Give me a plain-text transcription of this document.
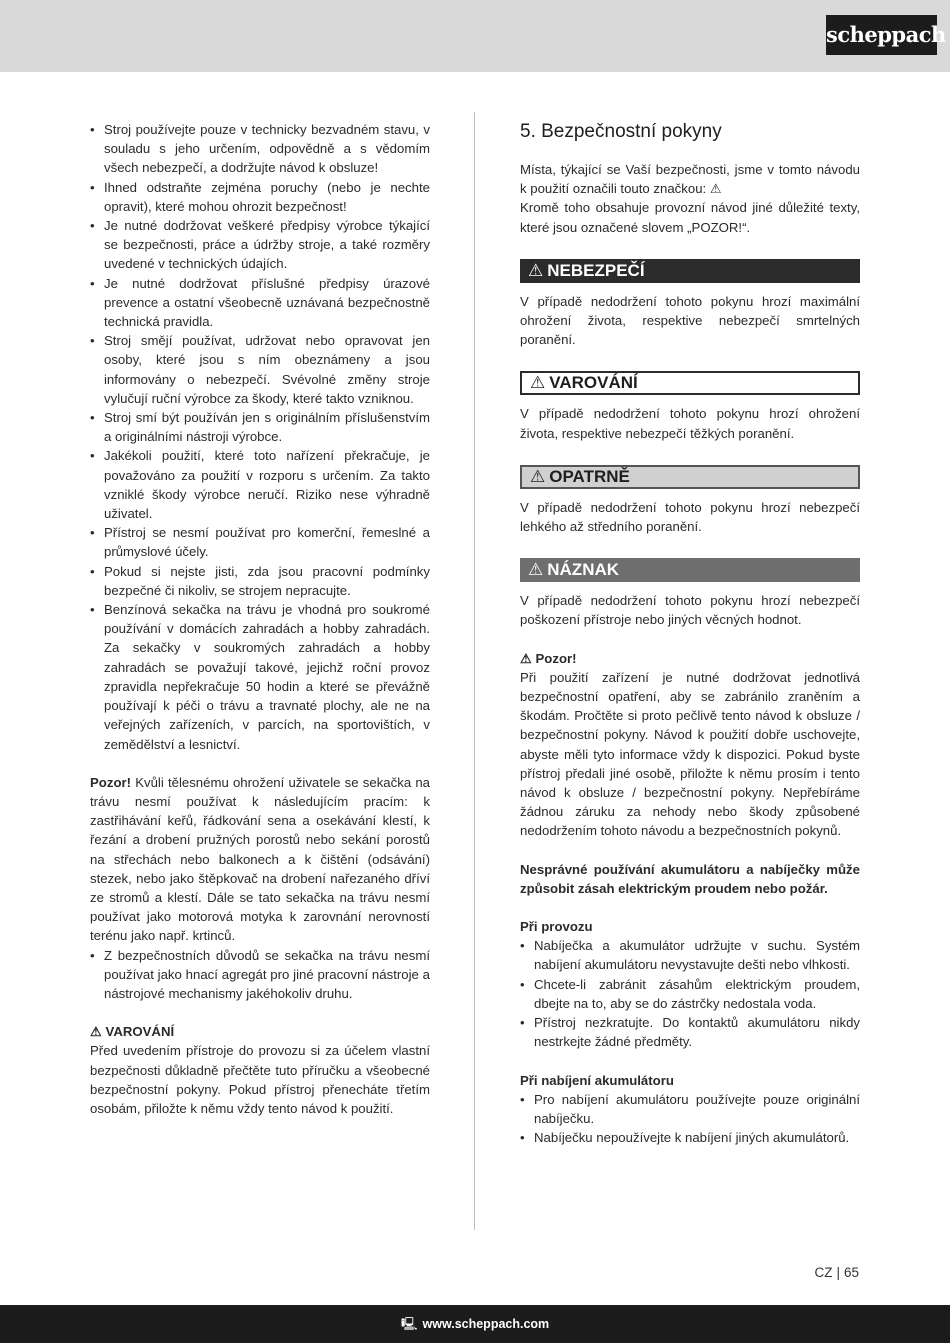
scheppach
• Stroj používejte pouze v technicky bezvadném stavu, v souladu s jeho určením, odpovědně a s vědomím všech nebezpečí, a dodržujte návod k obsluze!
• Ihned odstraňte zejména poruchy (nebo je nechte opravit), které mohou ohrozit bezpečnost!
• Je nutné dodržovat veškeré předpisy výrobce týkající se bezpečnosti, práce a údržby stroje, a také rozměry uvedené v technických údajích.
• Je nutné dodržovat příslušné předpisy úrazové prevence a ostatní všeobecně uznávaná bezpečnostně technická pravidla.
• Stroj smějí používat, udržovat nebo opravovat jen osoby, které jsou s ním obeznámeny a jsou informovány o nebezpečí. Svévolné změny stroje vylučují ruční výrobce za škody, které takto vzniknou.
• Stroj smí být používán jen s originálním příslušenstvím a originálními nástroji výrobce.
• Jakékoli použití, které toto nařízení překračuje, je považováno za použití v rozporu s určením. Za takto vzniklé škody výrobce neručí. Riziko nese výhradně uživatel.
• Přístroj se nesmí používat pro komerční, řemeslné a průmyslové účely.
• Pokud si nejste jisti, zda jsou pracovní podmínky bezpečné či nikoliv, se strojem nepracujte.
• Benzínová sekačka na trávu je vhodná pro soukromé používání v domácích zahradách a hobby zahradách. Za sekačky v soukromých zahradách a hobby zahradách se považují takové, jejichž roční provoz zpravidla nepřekračuje 50 hodin a které se převážně používají k péči o trávu a travnaté plochy, ale ne na veřejných zařízeních, v parcích, na sportovištích, v zemědělství a lesnictví.

Pozor! Kvůli tělesnému ohrožení uživatele se sekačka na trávu nesmí používat k následujícím pracím: k zastřihávání keřů, řádkování sena a osekávání klestí, k řezání a drobení pružných porostů nebo sekání porostů na střechách nebo balkonech a k čištění (odsávání) stezek, nebo jako štěpkovač na drobení nařezaného dříví ze stromů a klestí. Dále se tato sekačka na trávu nesmí používat jako motorová motyka k zarovnání nerovností terénu jako např. krtinců.

• Z bezpečnostních důvodů se sekačka na trávu nesmí používat jako hnací agregát pro jiné pracovní nástroje a nástrojové mechanismy jakéhokoliv druhu.

⚠ VAROVÁNÍ

Před uvedením přístroje do provozu si za účelem vlastní bezpečnosti důkladně přečtěte tuto příručku a všeobecné bezpečnostní pokyny. Pokud přístroj přenecháte třetím osobám, přiložte k němu vždy tento návod k použití.

5. Bezpečnostní pokyny

Místa, týkající se Vaší bezpečnosti, jsme v tomto návodu k použití označili touto značkou: ⚠

Kromě toho obsahuje provozní návod jiné důležité texty, které jsou označené slovem „POZOR!“.

⚠ NEBEZPEČÍ

V případě nedodržení tohoto pokynu hrozí maximální ohrožení života, respektive nebezpečí smrtelných poranění.

⚠ VAROVÁNÍ

V případě nedodržení tohoto pokynu hrozí ohrožení života, respektive nebezpečí těžkých poranění.

⚠ OPATRNĚ

V případě nedodržení tohoto pokynu hrozí nebezpečí lehkého až středního poranění.

⚠ NÁZNAK

V případě nedodržení tohoto pokynu hrozí nebezpečí poškození přístroje nebo jiných věcných hodnot.

⚠ Pozor!

Při použití zařízení je nutné dodržovat jednotlivá bezpečnostní opatření, aby se zabránilo zraněním a škodám. Pročtěte si proto pečlivě tento návod k obsluze / bezpečnostní pokyny. Návod k použití dobře uschovejte, abyste měli tyto informace vždy k dispozici. Pokud byste přístroj předali jiné osobě, přiložte k němu prosím i tento návod k obsluze / bezpečnostní pokyny. Nepřebíráme žádnou záruku za nehody nebo škody způsobené nedodržením tohoto návodu a bezpečnostních pokynů.

Nesprávné používání akumulátoru a nabíječky může způsobit zásah elektrickým proudem nebo požár.

Při provozu

• Nabíječka a akumulátor udržujte v suchu. Systém nabíjení akumulátoru nevystavujte dešti nebo vlhkosti.
• Chcete-li zabránit zásahům elektrickým proudem, dbejte na to, aby se do zástrčky nedostala voda.
• Přístroj nezkratujte. Do kontaktů akumulátoru nikdy nestrkejte žádné předměty.

Při nabíjení akumulátoru

• Pro nabíjení akumulátoru používejte pouze originální nabíječku.
• Nabíječku nepoužívejte k nabíjení jiných akumulátorů.
CZ | 65
🖳 www.scheppach.com
